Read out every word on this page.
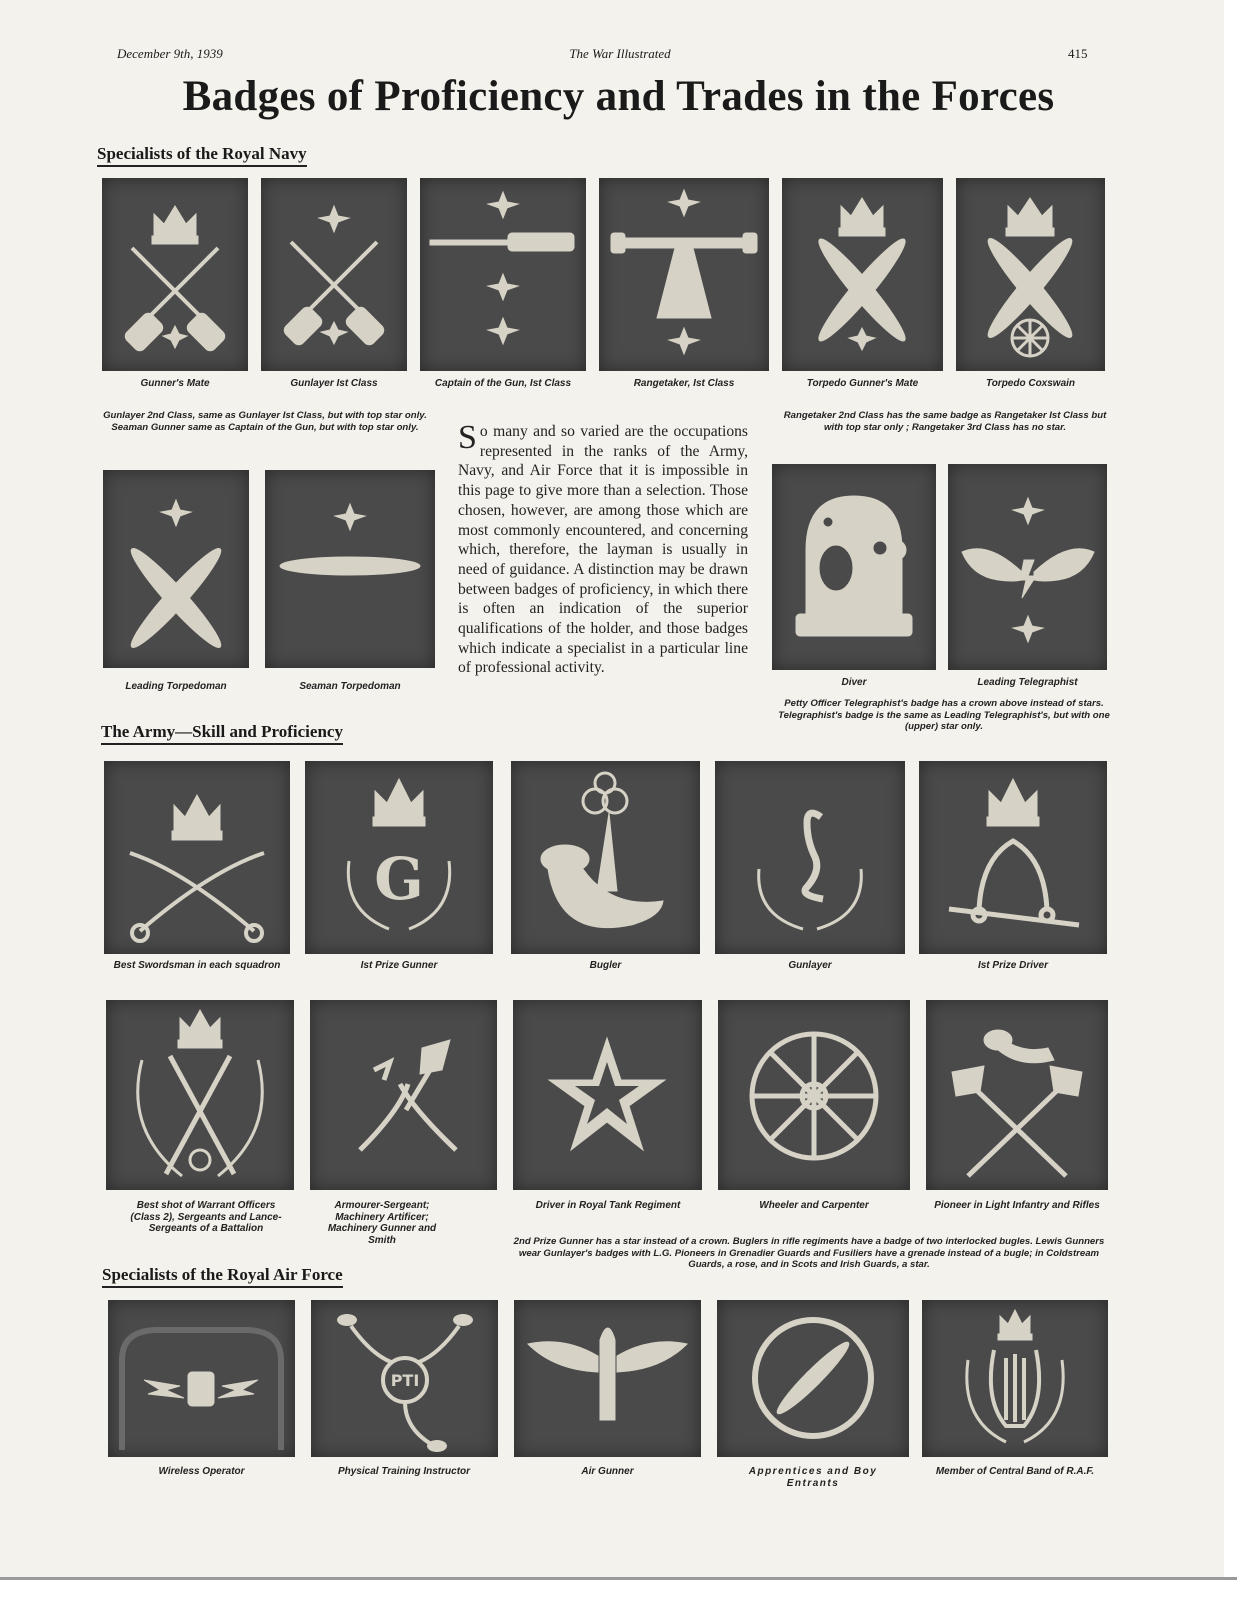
December 9th, 1939	The War Illustrated	415
Badges of Proficiency and Trades in the Forces
Specialists of the Royal Navy
Gunner's Mate	Gunlayer Ist Class	Captain of the Gun, Ist Class	Rangetaker, Ist Class	Torpedo Gunner's Mate	Torpedo Coxswain
Gunlayer 2nd Class, same as Gunlayer Ist Class, but with top star only. Seaman Gunner same as Captain of the Gun, but with top star only.
Rangetaker 2nd Class has the same badge as Rangetaker Ist Class but with top star only ; Rangetaker 3rd Class has no star.
Leading Torpedoman	Seaman Torpedoman	Diver	Leading Telegraphist
Petty Officer Telegraphist's badge has a crown above instead of stars. Telegraphist's badge is the same as Leading Telegraphist's, but with one (upper) star only.
So many and so varied are the occupations represented in the ranks of the Army, Navy, and Air Force that it is impossible in this page to give more than a selection. Those chosen, however, are among those which are most commonly encountered, and concerning which, therefore, the layman is usually in need of guidance. A distinction may be drawn between badges of proficiency, in which there is often an indication of the superior qualifications of the holder, and those badges which indicate a specialist in a particular line of professional activity.
The Army—Skill and Proficiency
G
Best Swordsman in each squadron	Ist Prize Gunner	Bugler	Gunlayer	Ist Prize Driver
Best shot of Warrant Officers (Class 2), Sergeants and Lance-Sergeants of a Battalion
Armourer-Sergeant; Machinery Artificer; Machinery Gunner and Smith
Driver in Royal Tank Regiment	Wheeler and Carpenter	Pioneer in Light Infantry and Rifles
2nd Prize Gunner has a star instead of a crown. Buglers in rifle regiments have a badge of two interlocked bugles. Lewis Gunners wear Gunlayer's badges with L.G. Pioneers in Grenadier Guards and Fusiliers have a grenade instead of a bugle; in Coldstream Guards, a rose, and in Scots and Irish Guards, a star.
Specialists of the Royal Air Force
PTI
Wireless Operator	Physical Training Instructor	Air Gunner	Apprentices and Boy Entrants
Member of Central Band of R.A.F.
